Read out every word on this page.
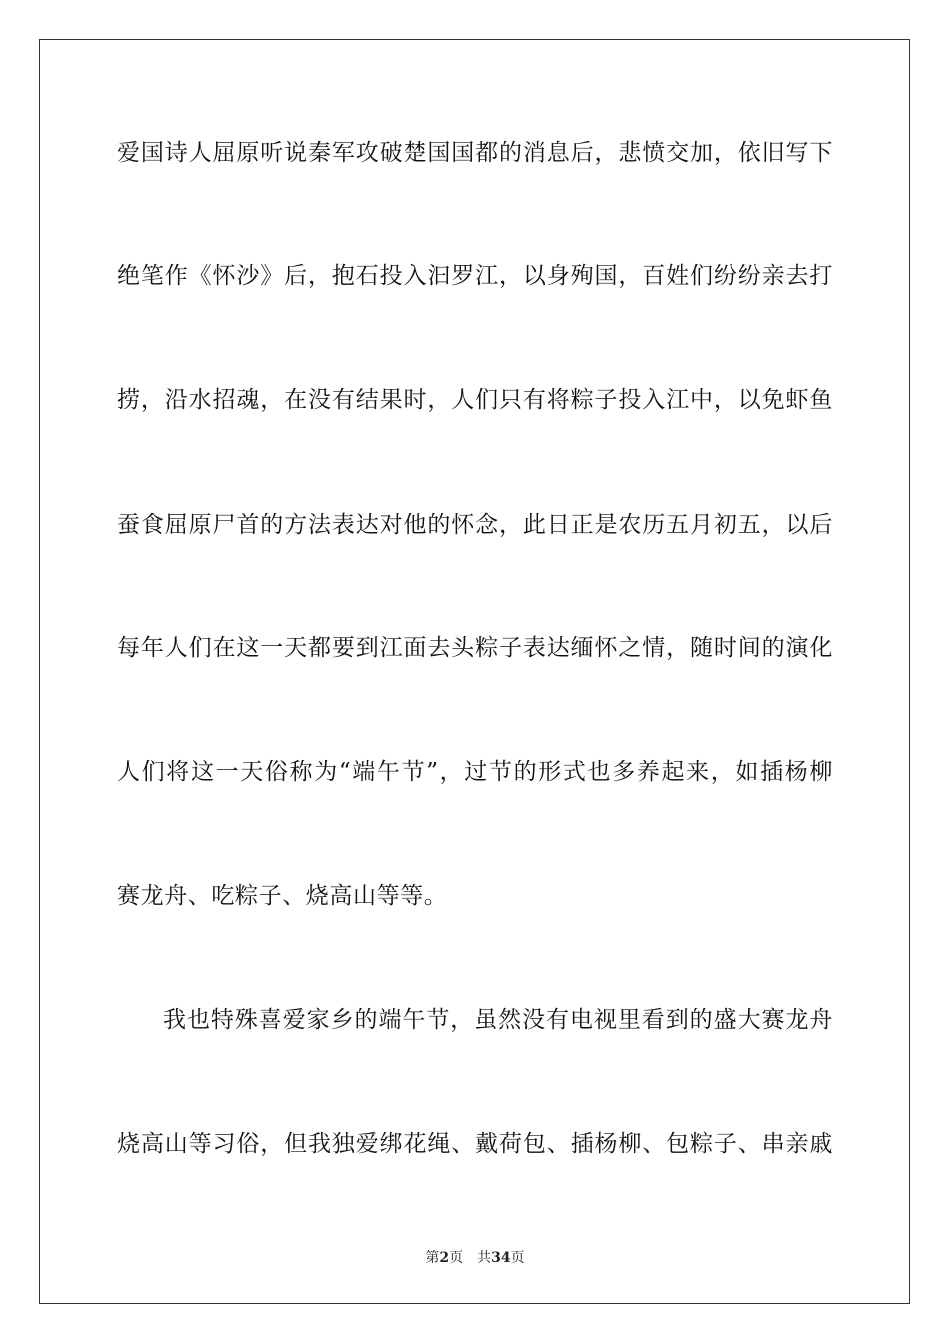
爱国诗人屈原听说秦军攻破楚国国都的消息后，悲愤交加，依旧写下
绝笔作《怀沙》后，抱石投入汩罗江，以身殉国，百姓们纷纷亲去打
捞，沿水招魂，在没有结果时，人们只有将粽子投入江中，以免虾鱼
蚕食屈原尸首的方法表达对他的怀念，此日正是农历五月初五，以后
每年人们在这一天都要到江面去头粽子表达缅怀之情，随时间的演化
人们将这一天俗称为“端午节”，过节的形式也多养起来，如插杨柳
赛龙舟、吃粽子、烧高山等等。
我也特殊喜爱家乡的端午节，虽然没有电视里看到的盛大赛龙舟
烧高山等习俗，但我独爱绑花绳、戴荷包、插杨柳、包粽子、串亲戚
第2页 共34页
